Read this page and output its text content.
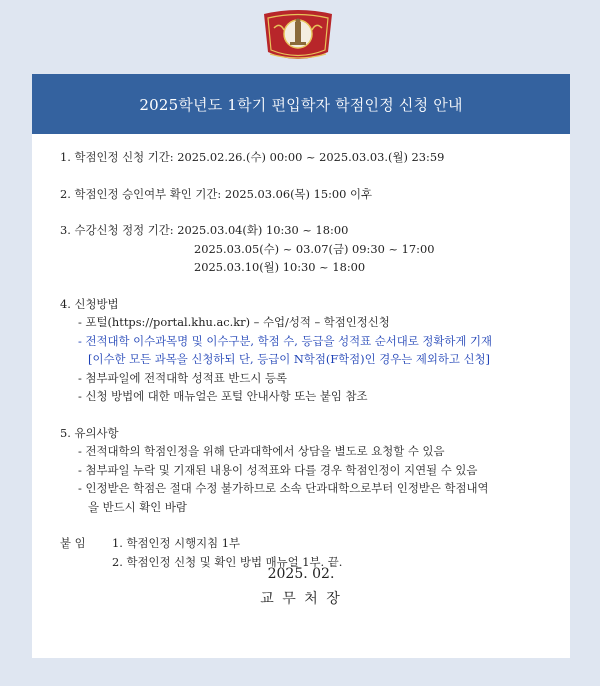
2025학년도 1학기 편입학자 학점인정 신청 안내
1. 학점인정 신청 기간: 2025.02.26.(수) 00:00 ~ 2025.03.03.(월) 23:59
2. 학점인정 승인여부 확인 기간: 2025.03.06(목) 15:00 이후
3. 수강신청 정정 기간: 2025.03.04(화) 10:30 ~ 18:00
2025.03.05(수) ~ 03.07(금) 09:30 ~ 17:00
2025.03.10(월) 10:30 ~ 18:00
4. 신청방법
- 포털(https://portal.khu.ac.kr) – 수업/성적 – 학점인정신청
- 전적대학 이수과목명 및 이수구분, 학점 수, 등급을 성적표 순서대로 정확하게 기재
[이수한 모든 과목을 신청하되 단, 등급이 N학점(F학점)인 경우는 제외하고 신청]
- 첨부파일에 전적대학 성적표 반드시 등록
- 신청 방법에 대한 매뉴얼은 포털 안내사항 또는 붙임 참조
5. 유의사항
- 전적대학의 학점인정을 위해 단과대학에서 상담을 별도로 요청할 수 있음
- 첨부파일 누락 및 기재된 내용이 성적표와 다를 경우 학점인정이 지연될 수 있음
- 인정받은 학점은 절대 수정 불가하므로 소속 단과대학으로부터 인정받은 학점내역
을 반드시 확인 바람
붙 임	1. 학점인정 시행지침 1부
2. 학점인정 신청 및 확인 방법 매뉴얼 1부. 끝.
2025. 02.
교 무 처 장
